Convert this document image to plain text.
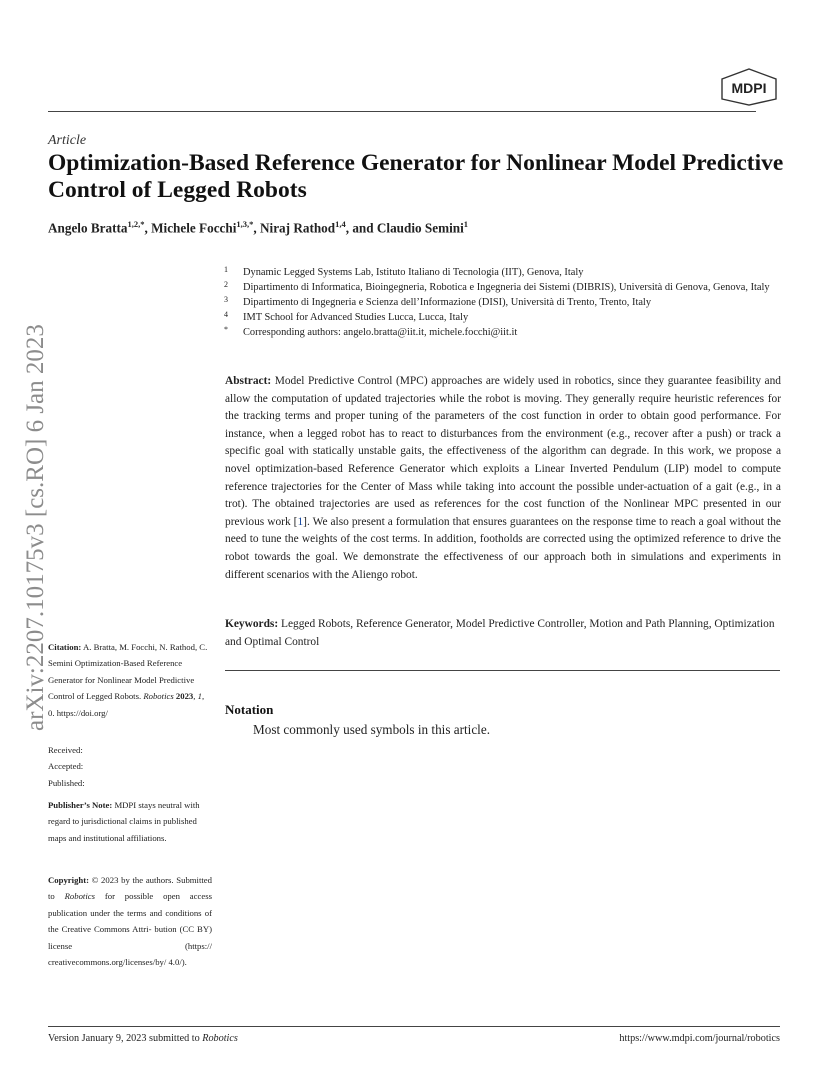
MDPI
Article
Optimization-Based Reference Generator for Nonlinear Model Predictive Control of Legged Robots
Angelo Bratta$^{1,2,*}$, Michele Focchi$^{1,3,*}$, Niraj Rathod$^{1,4}$, and Claudio Semini$^1$
1 Dynamic Legged Systems Lab, Istituto Italiano di Tecnologia (IIT), Genova, Italy
2 Dipartimento di Informatica, Bioingegneria, Robotica e Ingegneria dei Sistemi (DIBRIS), Università di Genova, Genova, Italy
3 Dipartimento di Ingegneria e Scienza dell’Informazione (DISI), Università di Trento, Trento, Italy
4 IMT School for Advanced Studies Lucca, Lucca, Italy
* Corresponding authors: angelo.bratta@iit.it, michele.focchi@iit.it
Abstract: Model Predictive Control (MPC) approaches are widely used in robotics, since they guarantee feasibility and allow the computation of updated trajectories while the robot is moving. They generally require heuristic references for the tracking terms and proper tuning of the parameters of the cost function in order to obtain good performance. For instance, when a legged robot has to react to disturbances from the environment (e.g., recover after a push) or track a specific goal with statically unstable gaits, the effectiveness of the algorithm can degrade. In this work, we propose a novel optimization-based Reference Generator which exploits a Linear Inverted Pendulum (LIP) model to compute reference trajectories for the Center of Mass while taking into account the possible under-actuation of a gait (e.g., in a trot). The obtained trajectories are used as references for the cost function of the Nonlinear MPC presented in our previous work [1]. We also present a formulation that ensures guarantees on the response time to reach a goal without the need to tune the weights of the cost terms. In addition, footholds are corrected using the optimized reference to drive the robot towards the goal. We demonstrate the effectiveness of our approach both in simulations and experiments in different scenarios with the Aliengo robot.
Keywords: Legged Robots, Reference Generator, Model Predictive Controller, Motion and Path Planning, Optimization and Optimal Control
Notation
Most commonly used symbols in this article.
arXiv:2207.10175v3 [cs.RO] 6 Jan 2023 Citation: A. Bratta, M. Focchi, N. Rathod, C. Semini Optimization-Based Reference Generator for Nonlinear Model Predictive Control of Legged Robots. Robotics 2023, 1, 0. https://doi.org/
Received:
Accepted:
Published:
Publisher’s Note: MDPI stays neutral with regard to jurisdictional claims in published maps and institutional affiliations.
Copyright: © 2023 by the authors. Submitted to Robotics for possible open access publication under the terms and conditions of the Creative Commons Attri- bution (CC BY) license (https:// creativecommons.org/licenses/by/ 4.0/).
Version January 9, 2023 submitted to Robotics	https://www.mdpi.com/journal/robotics
